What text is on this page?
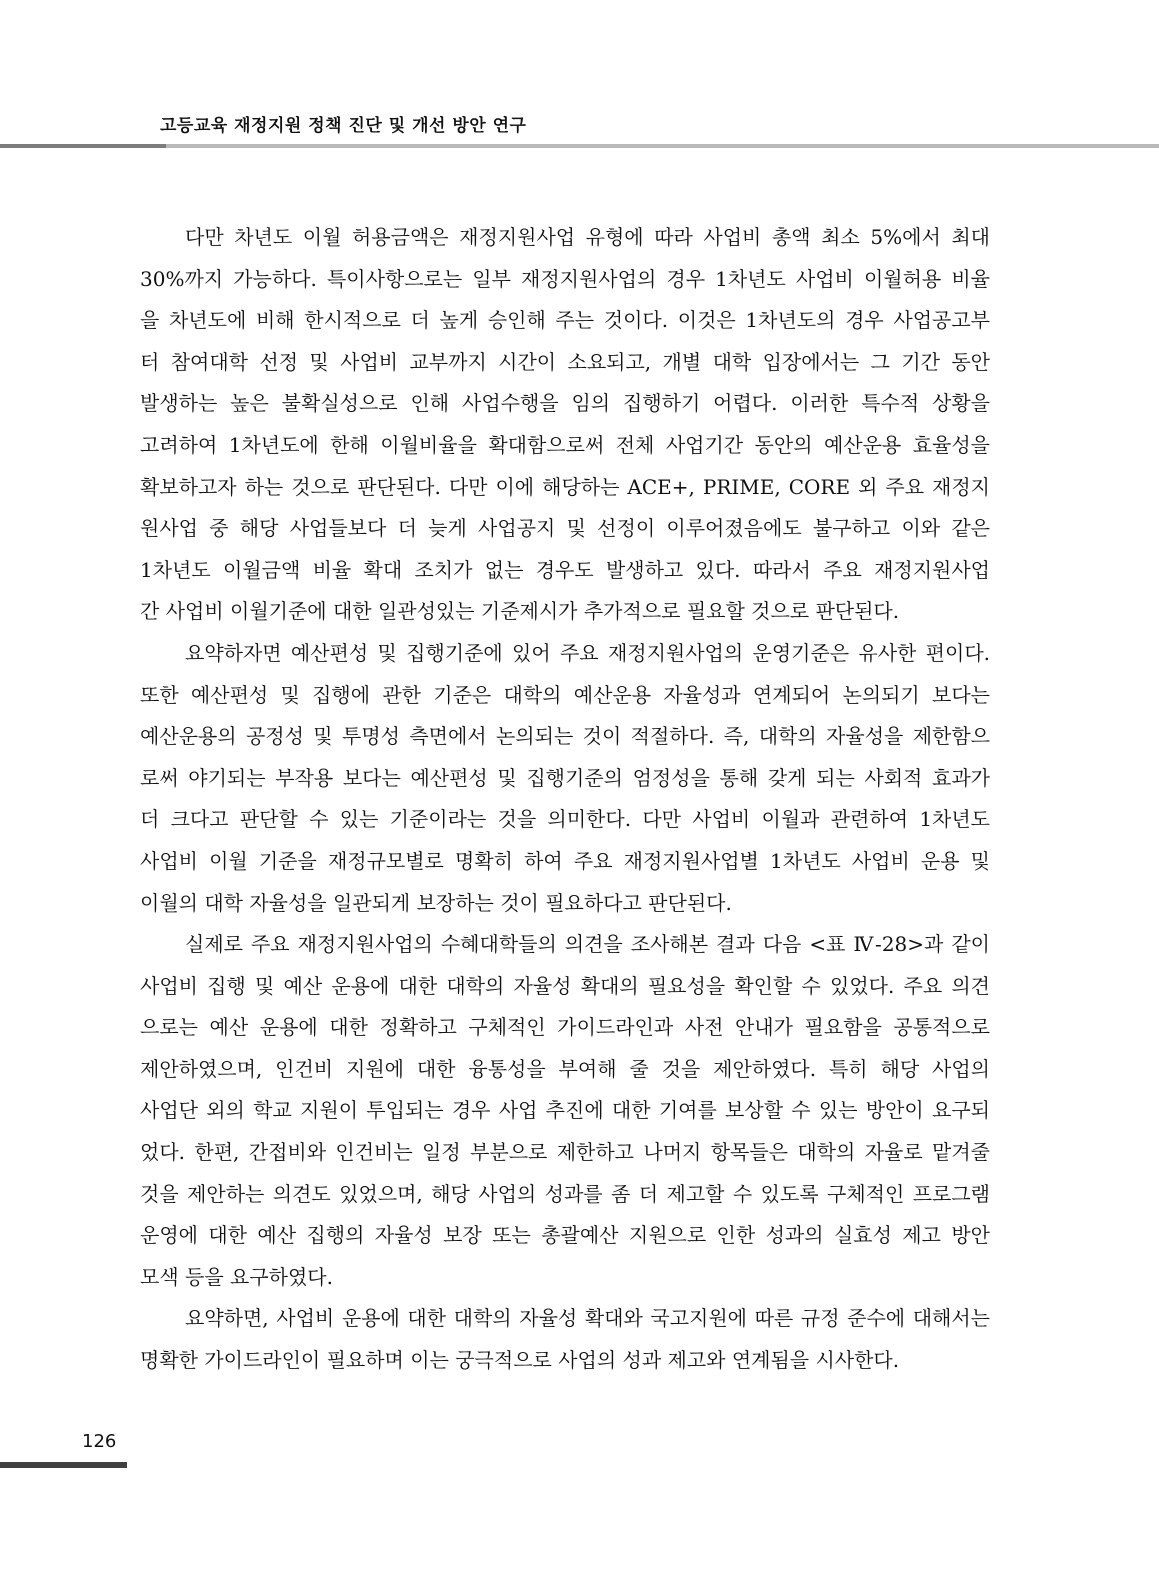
고등교육 재정지원 정책 진단 및 개선 방안 연구
다만 차년도 이월 허용금액은 재정지원사업 유형에 따라 사업비 총액 최소 5%에서 최대
30%까지 가능하다. 특이사항으로는 일부 재정지원사업의 경우 1차년도 사업비 이월허용 비율
을 차년도에 비해 한시적으로 더 높게 승인해 주는 것이다. 이것은 1차년도의 경우 사업공고부
터 참여대학 선정 및 사업비 교부까지 시간이 소요되고, 개별 대학 입장에서는 그 기간 동안
발생하는 높은 불확실성으로 인해 사업수행을 임의 집행하기 어렵다. 이러한 특수적 상황을
고려하여 1차년도에 한해 이월비율을 확대함으로써 전체 사업기간 동안의 예산운용 효율성을
확보하고자 하는 것으로 판단된다. 다만 이에 해당하는 ACE+, PRIME, CORE 외 주요 재정지
원사업 중 해당 사업들보다 더 늦게 사업공지 및 선정이 이루어졌음에도 불구하고 이와 같은
1차년도 이월금액 비율 확대 조치가 없는 경우도 발생하고 있다. 따라서 주요 재정지원사업
간 사업비 이월기준에 대한 일관성있는 기준제시가 추가적으로 필요할 것으로 판단된다.
요약하자면 예산편성 및 집행기준에 있어 주요 재정지원사업의 운영기준은 유사한 편이다.
또한 예산편성 및 집행에 관한 기준은 대학의 예산운용 자율성과 연계되어 논의되기 보다는
예산운용의 공정성 및 투명성 측면에서 논의되는 것이 적절하다. 즉, 대학의 자율성을 제한함으
로써 야기되는 부작용 보다는 예산편성 및 집행기준의 엄정성을 통해 갖게 되는 사회적 효과가
더 크다고 판단할 수 있는 기준이라는 것을 의미한다. 다만 사업비 이월과 관련하여 1차년도
사업비 이월 기준을 재정규모별로 명확히 하여 주요 재정지원사업별 1차년도 사업비 운용 및
이월의 대학 자율성을 일관되게 보장하는 것이 필요하다고 판단된다.
실제로 주요 재정지원사업의 수혜대학들의 의견을 조사해본 결과 다음 <표 Ⅳ-28>과 같이
사업비 집행 및 예산 운용에 대한 대학의 자율성 확대의 필요성을 확인할 수 있었다. 주요 의견
으로는 예산 운용에 대한 정확하고 구체적인 가이드라인과 사전 안내가 필요함을 공통적으로
제안하였으며, 인건비 지원에 대한 융통성을 부여해 줄 것을 제안하였다. 특히 해당 사업의
사업단 외의 학교 지원이 투입되는 경우 사업 추진에 대한 기여를 보상할 수 있는 방안이 요구되
었다. 한편, 간접비와 인건비는 일정 부분으로 제한하고 나머지 항목들은 대학의 자율로 맡겨줄
것을 제안하는 의견도 있었으며, 해당 사업의 성과를 좀 더 제고할 수 있도록 구체적인 프로그램
운영에 대한 예산 집행의 자율성 보장 또는 총괄예산 지원으로 인한 성과의 실효성 제고 방안
모색 등을 요구하였다.
요약하면, 사업비 운용에 대한 대학의 자율성 확대와 국고지원에 따른 규정 준수에 대해서는
명확한 가이드라인이 필요하며 이는 궁극적으로 사업의 성과 제고와 연계됨을 시사한다.
126
